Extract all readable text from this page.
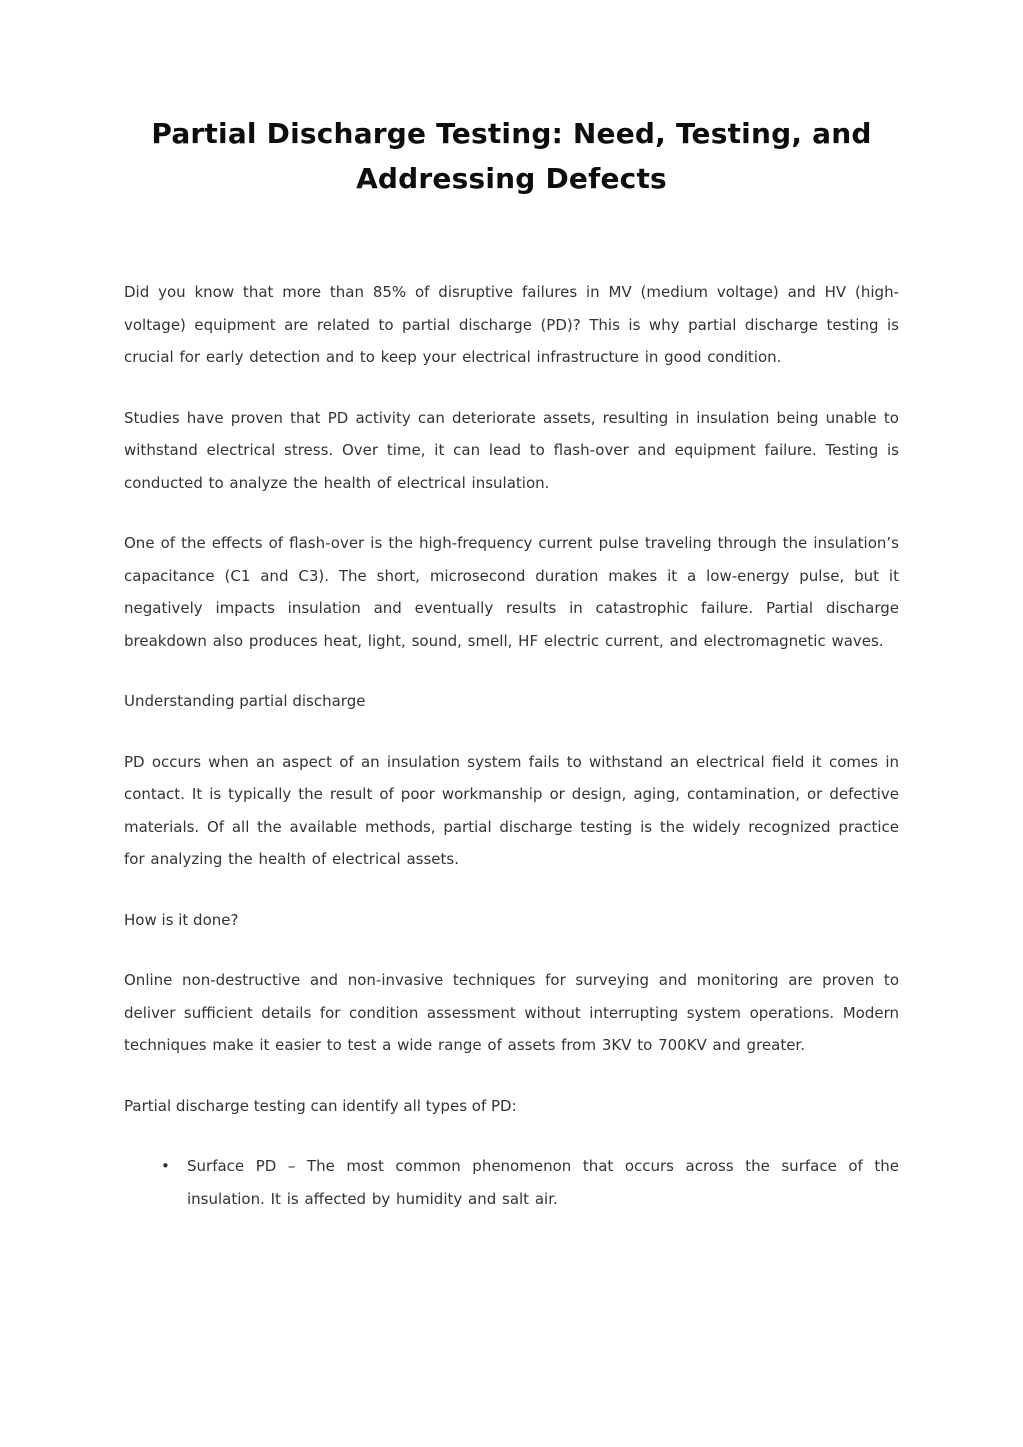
Partial Discharge Testing: Need, Testing, and Addressing Defects

Did you know that more than 85% of disruptive failures in MV (medium voltage) and HV (high-voltage) equipment are related to partial discharge (PD)? This is why partial discharge testing is crucial for early detection and to keep your electrical infrastructure in good condition.

Studies have proven that PD activity can deteriorate assets, resulting in insulation being unable to withstand electrical stress. Over time, it can lead to flash-over and equipment failure. Testing is conducted to analyze the health of electrical insulation.

One of the effects of flash-over is the high-frequency current pulse traveling through the insulation’s capacitance (C1 and C3). The short, microsecond duration makes it a low-energy pulse, but it negatively impacts insulation and eventually results in catastrophic failure. Partial discharge breakdown also produces heat, light, sound, smell, HF electric current, and electromagnetic waves.

Understanding partial discharge

PD occurs when an aspect of an insulation system fails to withstand an electrical field it comes in contact. It is typically the result of poor workmanship or design, aging, contamination, or defective materials. Of all the available methods, partial discharge testing is the widely recognized practice for analyzing the health of electrical assets.

How is it done?

Online non-destructive and non-invasive techniques for surveying and monitoring are proven to deliver sufficient details for condition assessment without interrupting system operations. Modern techniques make it easier to test a wide range of assets from 3KV to 700KV and greater.

Partial discharge testing can identify all types of PD:

• Surface PD – The most common phenomenon that occurs across the surface of the insulation. It is affected by humidity and salt air.
